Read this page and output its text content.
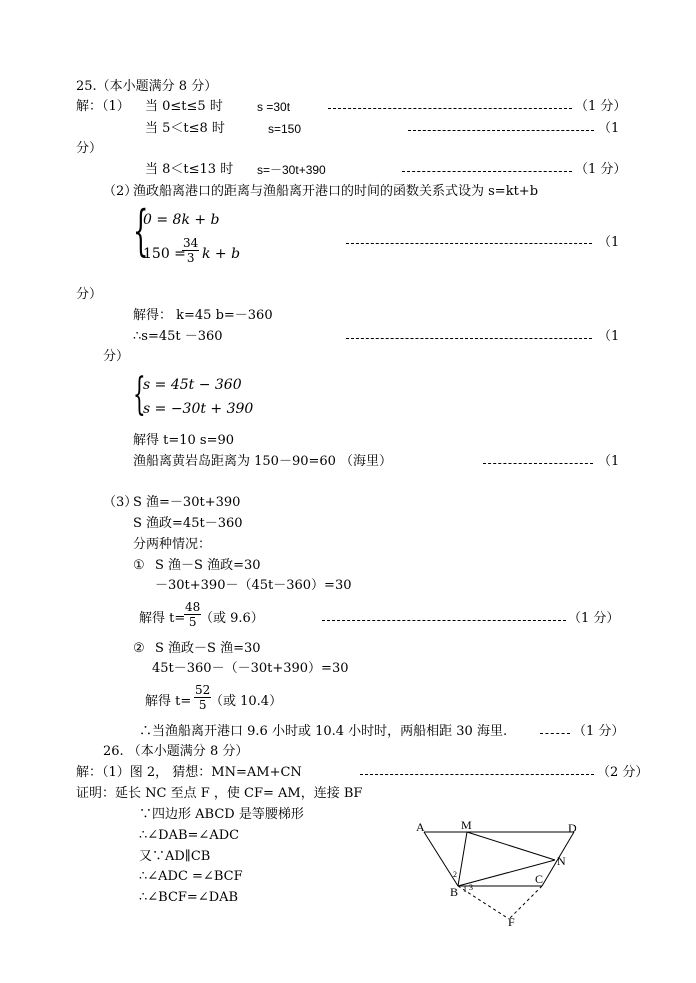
25.（本小题满分 8 分）
解：（1） 当 0≤t≤5 时	s =30t	（1 分）
当 5＜t≤8 时	s=150	（1
分）
当 8＜t≤13 时 s=－30t+390	（1 分）
（2）
渔政船离港口的距离与渔船离开港口的时间的函数关系式设为 s=kt+b
{
0 = 8k + b
150 =
$\frac{34}{3}$ k + b
（1
分）
解得： k=45 b=－360
∴s=45t －360	（1
分）
{
s = 45t − 360
s = −30t + 390
解得 t=10 s=90
渔船离黄岩岛距离为 150－90=60 （海里）	（1
（3）
S 渔=－30t+390
S 渔政=45t－360
分两种情况：
① S 渔－S 渔政=30
－30t+390－（45t－360）=30
解得 t=
$\frac{48}{5}$
（或 9.6）	（1 分）
② S 渔政－S 渔=30
45t－360－（－30t+390）=30
解得 $t= \frac{52}{5}$
（或 10.4）
∴当渔船离开港口 9.6 小时或 10.4 小时时，两船相距 30 海里.	（1 分）
26. （本小题满分 8 分）
解：（1）图 2， 猜想：MN=AM+CN	（2 分）
证明：延长 NC 至点 F ，使 CF= AM，连接 BF
∵四边形 ABCD 是等腰梯形
∴∠DAB=∠ADC
又∵AD∥CB
∴∠ADC =∠BCF
∴∠BCF=∠DAB
A	M	D
N
B
C
F
2
1 3
